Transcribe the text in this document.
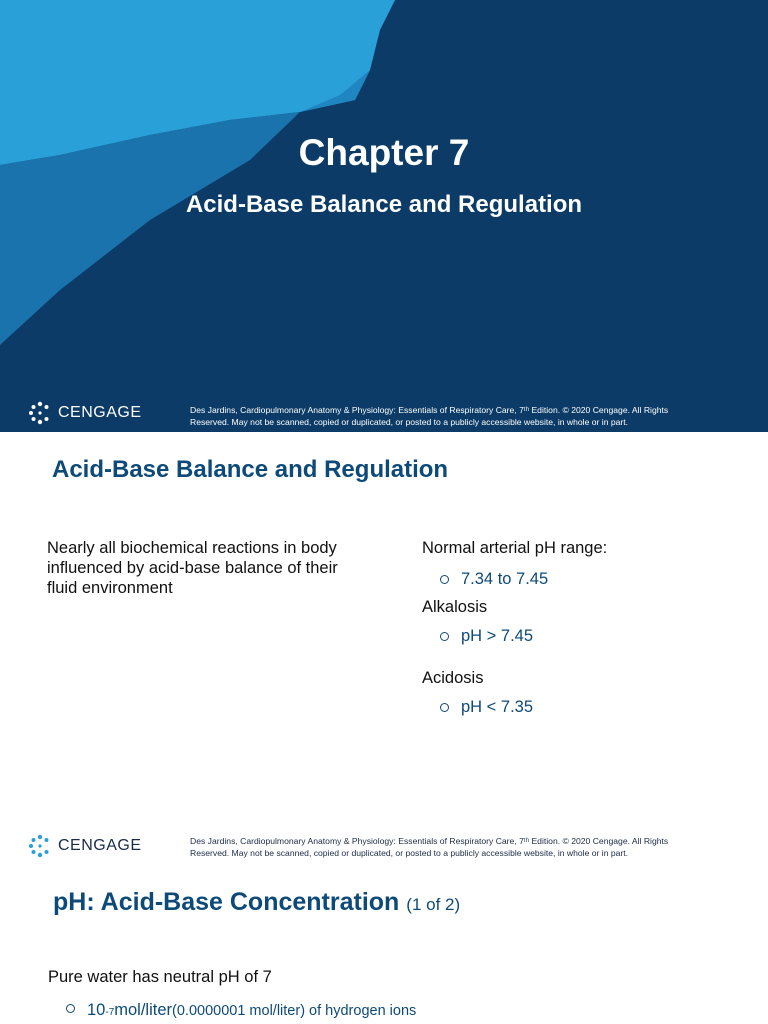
Chapter 7
Acid-Base Balance and Regulation
CENGAGE	Des Jardins, Cardiopulmonary Anatomy & Physiology: Essentials of Respiratory Care, 7ᵗʰ Edition. © 2020 Cengage. All Rights
Reserved. May not be scanned, copied or duplicated, or posted to a publicly accessible website, in whole or in part.
Acid-Base Balance and Regulation
Nearly all biochemical reactions in body influenced by acid-base balance of their fluid environment
Normal arterial pH range:
7.34 to 7.45
Alkalosis
pH > 7.45
Acidosis
pH < 7.35
CENGAGE	Des Jardins, Cardiopulmonary Anatomy & Physiology: Essentials of Respiratory Care, 7ᵗʰ Edition. © 2020 Cengage. All Rights
Reserved. May not be scanned, copied or duplicated, or posted to a publicly accessible website, in whole or in part.
pH: Acid-Base Concentration (1 of 2)
Pure water has neutral pH of 7
10 -7 mol/liter (0.0000001 mol/liter) of hydrogen ions
